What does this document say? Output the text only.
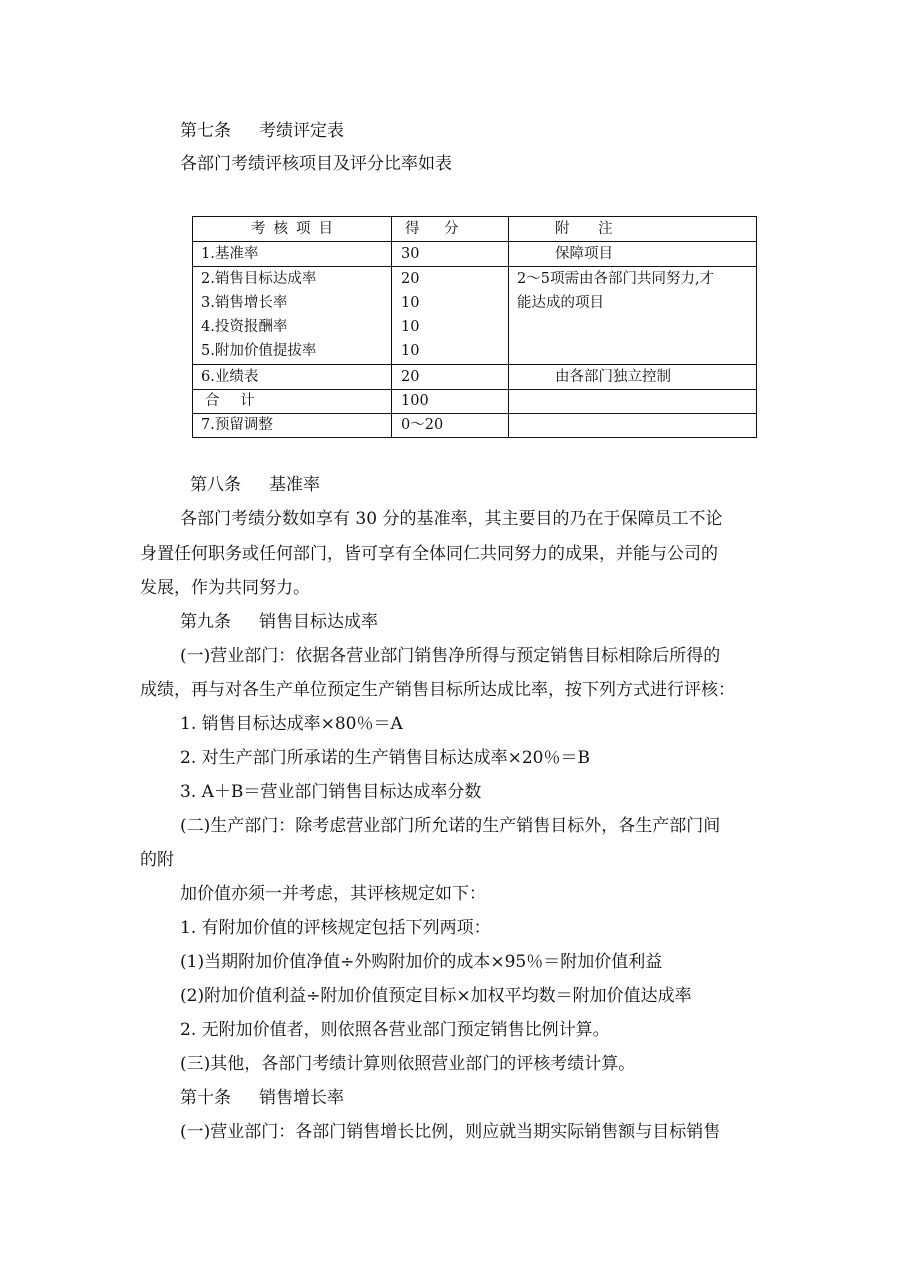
第七条 考绩评定表
各部门考绩评核项目及评分比率如表
考核项目	得 分	附 注
1.基准率	30	保障项目
2.销售目标达成率	20
3.销售增长率	10
4.投资报酬率	10
5.附加价值提拔率	10
2～5项需由各部门共同努力,才
能达成的项目
6.业绩表	20	由各部门独立控制
合 计	100
7.预留调整	0～20
第八条 基准率
各部门考绩分数如享有 30 分的基准率，其主要目的乃在于保障员工不论
身置任何职务或任何部门，皆可享有全体同仁共同努力的成果，并能与公司的
发展，作为共同努力。
第九条 销售目标达成率
(一)营业部门：依据各营业部门销售净所得与预定销售目标相除后所得的
成绩，再与对各生产单位预定生产销售目标所达成比率，按下列方式进行评核：
1. 销售目标达成率×80％＝A
2. 对生产部门所承诺的生产销售目标达成率×20％＝B
3. A＋B＝营业部门销售目标达成率分数
(二)生产部门：除考虑营业部门所允诺的生产销售目标外，各生产部门间
的附
加价值亦须一并考虑，其评核规定如下：
1. 有附加价值的评核规定包括下列两项：
(1)当期附加价值净值÷外购附加价的成本×95％＝附加价值利益
(2)附加价值利益÷附加价值预定目标×加权平均数＝附加价值达成率
2. 无附加价值者，则依照各营业部门预定销售比例计算。
(三)其他，各部门考绩计算则依照营业部门的评核考绩计算。
第十条 销售增长率
(一)营业部门：各部门销售增长比例，则应就当期实际销售额与目标销售
